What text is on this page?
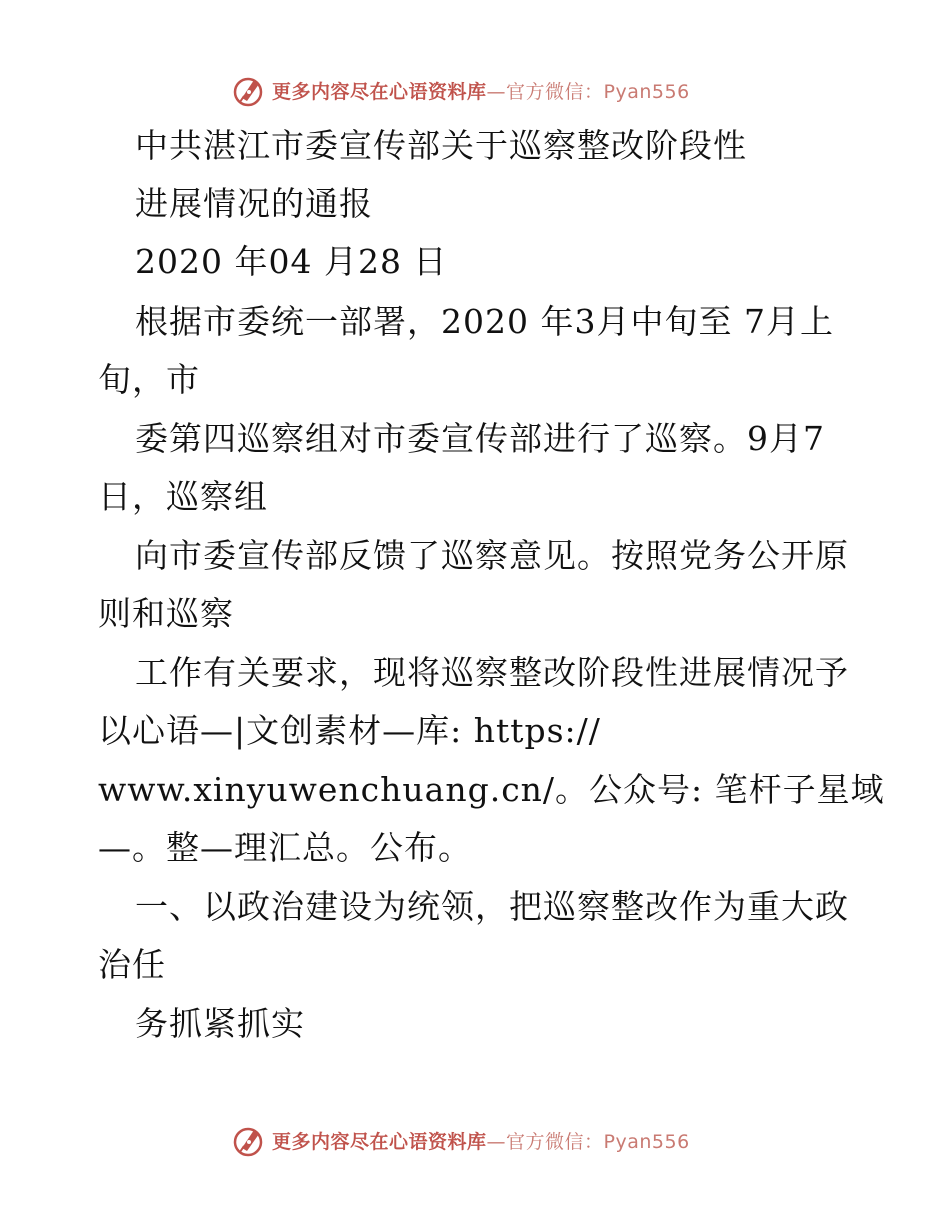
更多内容尽在心语资料库—官方微信：Pyan556
中共湛江市委宣传部关于巡察整改阶段性
进展情况的通报
2020 年04 月28 日
根据市委统一部署，2020 年3月中旬至 7月上
旬，市
委第四巡察组对市委宣传部进行了巡察。9月7
日，巡察组
向市委宣传部反馈了巡察意见。按照党务公开原
则和巡察
工作有关要求，现将巡察整改阶段性进展情况予
以心语—|文创素材—库: https://
www.xinyuwenchuang.cn/。公众号: 笔杆子星域
—。整—理汇总。公布。
一、以政治建设为统领，把巡察整改作为重大政
治任
务抓紧抓实
更多内容尽在心语资料库—官方微信：Pyan556
